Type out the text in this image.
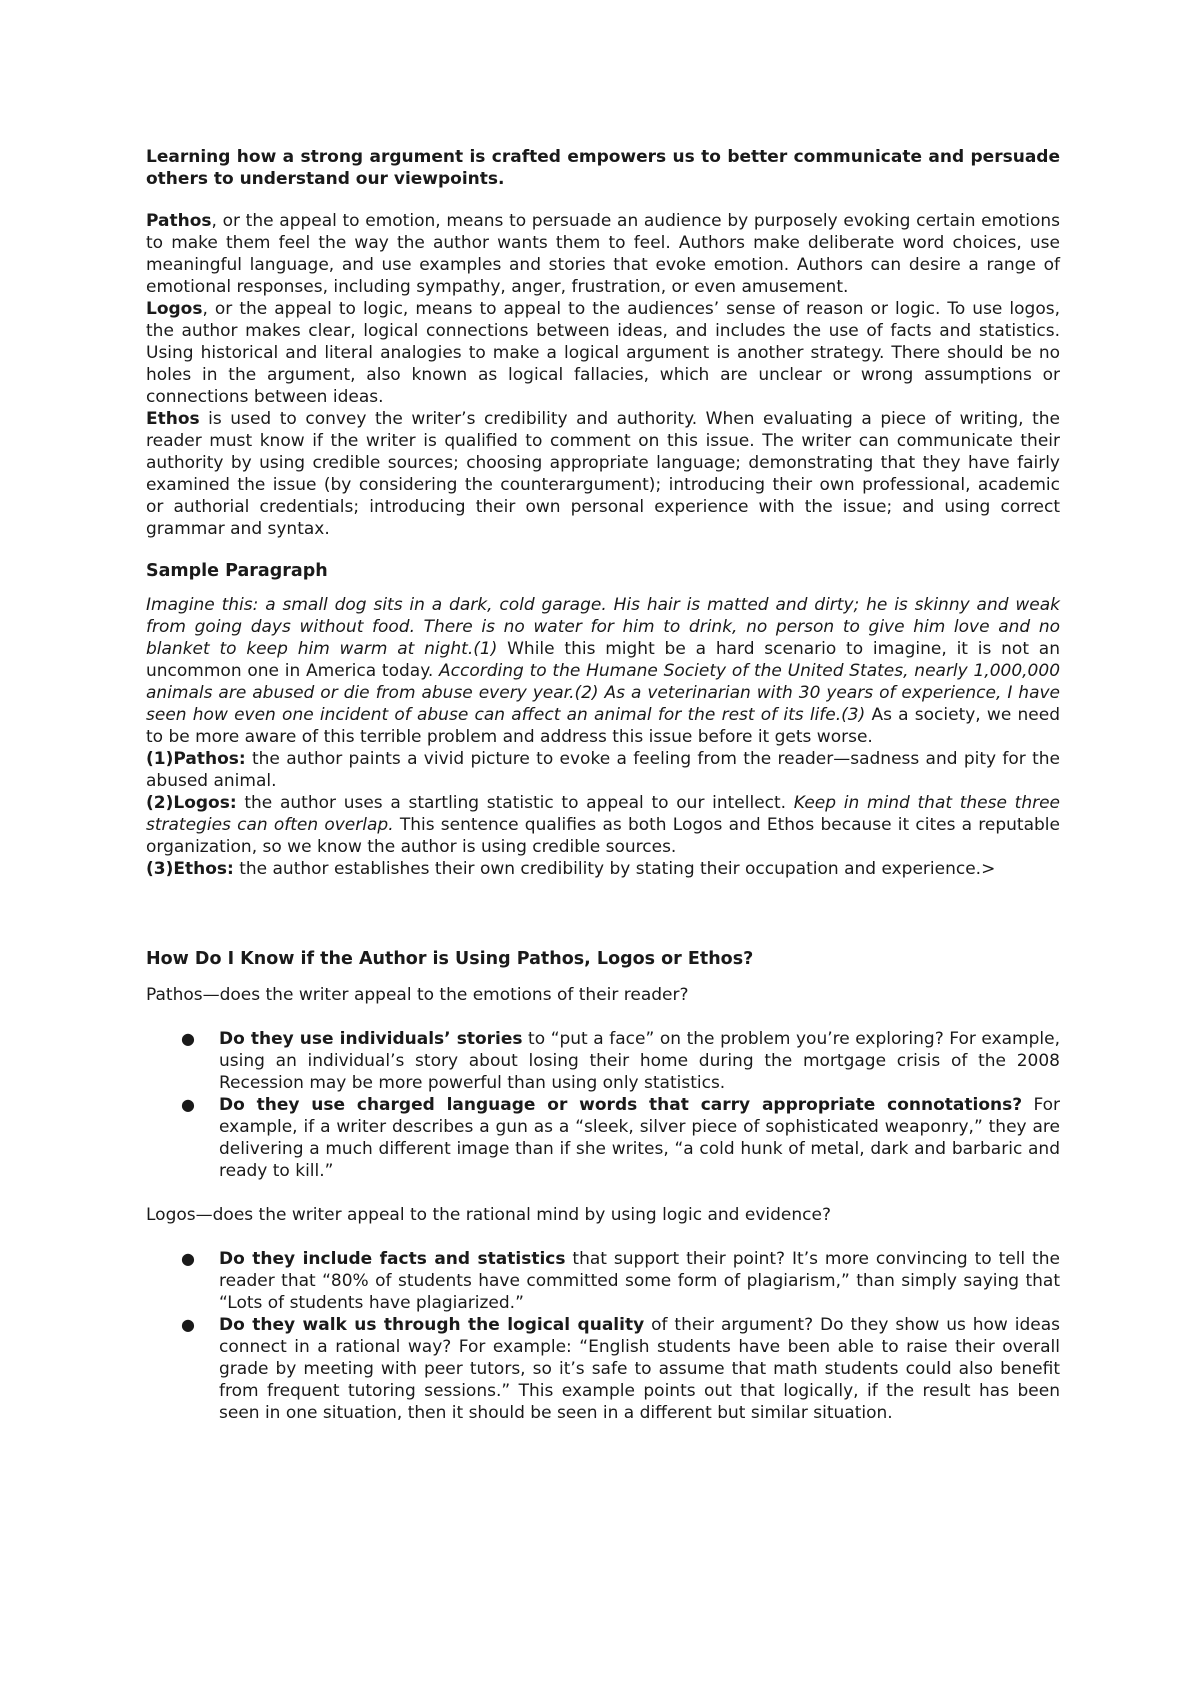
Learning how a strong argument is crafted empowers us to better communicate and persuade others to understand our viewpoints.

Pathos, or the appeal to emotion, means to persuade an audience by purposely evoking certain emotions to make them feel the way the author wants them to feel. Authors make deliberate word choices, use meaningful language, and use examples and stories that evoke emotion. Authors can desire a range of emotional responses, including sympathy, anger, frustration, or even amusement.

Logos, or the appeal to logic, means to appeal to the audiences’ sense of reason or logic. To use logos, the author makes clear, logical connections between ideas, and includes the use of facts and statistics. Using historical and literal analogies to make a logical argument is another strategy. There should be no holes in the argument, also known as logical fallacies, which are unclear or wrong assumptions or connections between ideas.

Ethos is used to convey the writer’s credibility and authority. When evaluating a piece of writing, the reader must know if the writer is qualified to comment on this issue. The writer can communicate their authority by using credible sources; choosing appropriate language; demonstrating that they have fairly examined the issue (by considering the counterargument); introducing their own professional, academic or authorial credentials; introducing their own personal experience with the issue; and using correct grammar and syntax.

Sample Paragraph

Imagine this: a small dog sits in a dark, cold garage. His hair is matted and dirty; he is skinny and weak from going days without food. There is no water for him to drink, no person to give him love and no blanket to keep him warm at night.(1) While this might be a hard scenario to imagine, it is not an uncommon one in America today. According to the Humane Society of the United States, nearly 1,000,000 animals are abused or die from abuse every year.(2) As a veterinarian with 30 years of experience, I have seen how even one incident of abuse can affect an animal for the rest of its life.(3) As a society, we need to be more aware of this terrible problem and address this issue before it gets worse.

(1)Pathos: the author paints a vivid picture to evoke a feeling from the reader—sadness and pity for the abused animal.

(2)Logos: the author uses a startling statistic to appeal to our intellect. Keep in mind that these three strategies can often overlap. This sentence qualifies as both Logos and Ethos because it cites a reputable organization, so we know the author is using credible sources.

(3)Ethos: the author establishes their own credibility by stating their occupation and experience.>

How Do I Know if the Author is Using Pathos, Logos or Ethos?

Pathos—does the writer appeal to the emotions of their reader?

● Do they use individuals’ stories to “put a face” on the problem you’re exploring? For example, using an individual’s story about losing their home during the mortgage crisis of the 2008 Recession may be more powerful than using only statistics.
● Do they use charged language or words that carry appropriate connotations? For example, if a writer describes a gun as a “sleek, silver piece of sophisticated weaponry,” they are delivering a much different image than if she writes, “a cold hunk of metal, dark and barbaric and ready to kill.”

Logos—does the writer appeal to the rational mind by using logic and evidence?

● Do they include facts and statistics that support their point? It’s more convincing to tell the reader that “80% of students have committed some form of plagiarism,” than simply saying that “Lots of students have plagiarized.”
● Do they walk us through the logical quality of their argument? Do they show us how ideas connect in a rational way? For example: “English students have been able to raise their overall grade by meeting with peer tutors, so it’s safe to assume that math students could also benefit from frequent tutoring sessions.” This example points out that logically, if the result has been seen in one situation, then it should be seen in a different but similar situation.
